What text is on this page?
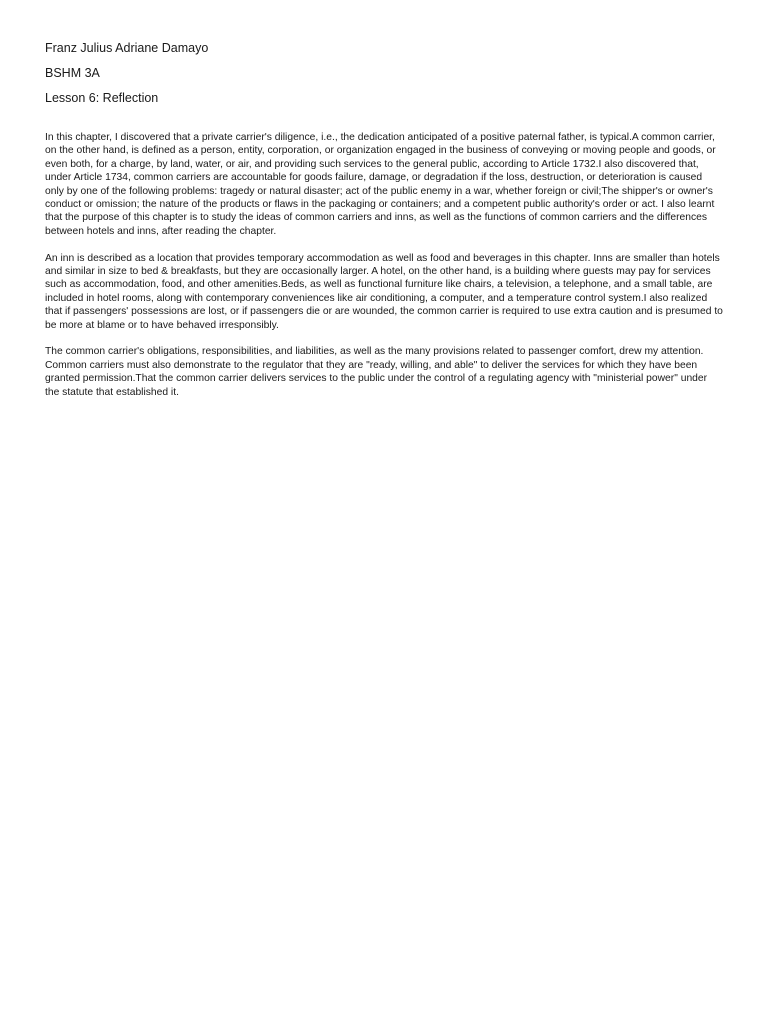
Franz Julius Adriane Damayo
BSHM 3A
Lesson 6: Reflection

In this chapter, I discovered that a private carrier's diligence, i.e., the dedication anticipated of a positive paternal father, is typical.A common carrier, on the other hand, is defined as a person, entity, corporation, or organization engaged in the business of conveying or moving people and goods, or even both, for a charge, by land, water, or air, and providing such services to the general public, according to Article 1732.I also discovered that, under Article 1734, common carriers are accountable for goods failure, damage, or degradation if the loss, destruction, or deterioration is caused only by one of the following problems: tragedy or natural disaster; act of the public enemy in a war, whether foreign or civil;The shipper's or owner's conduct or omission; the nature of the products or flaws in the packaging or containers; and a competent public authority's order or act. I also learnt that the purpose of this chapter is to study the ideas of common carriers and inns, as well as the functions of common carriers and the differences between hotels and inns, after reading the chapter.

An inn is described as a location that provides temporary accommodation as well as food and beverages in this chapter. Inns are smaller than hotels and similar in size to bed & breakfasts, but they are occasionally larger. A hotel, on the other hand, is a building where guests may pay for services such as accommodation, food, and other amenities.Beds, as well as functional furniture like chairs, a television, a telephone, and a small table, are included in hotel rooms, along with contemporary conveniences like air conditioning, a computer, and a temperature control system.I also realized that if passengers' possessions are lost, or if passengers die or are wounded, the common carrier is required to use extra caution and is presumed to be more at blame or to have behaved irresponsibly.

The common carrier's obligations, responsibilities, and liabilities, as well as the many provisions related to passenger comfort, drew my attention. Common carriers must also demonstrate to the regulator that they are "ready, willing, and able" to deliver the services for which they have been granted permission.That the common carrier delivers services to the public under the control of a regulating agency with "ministerial power" under the statute that established it.
